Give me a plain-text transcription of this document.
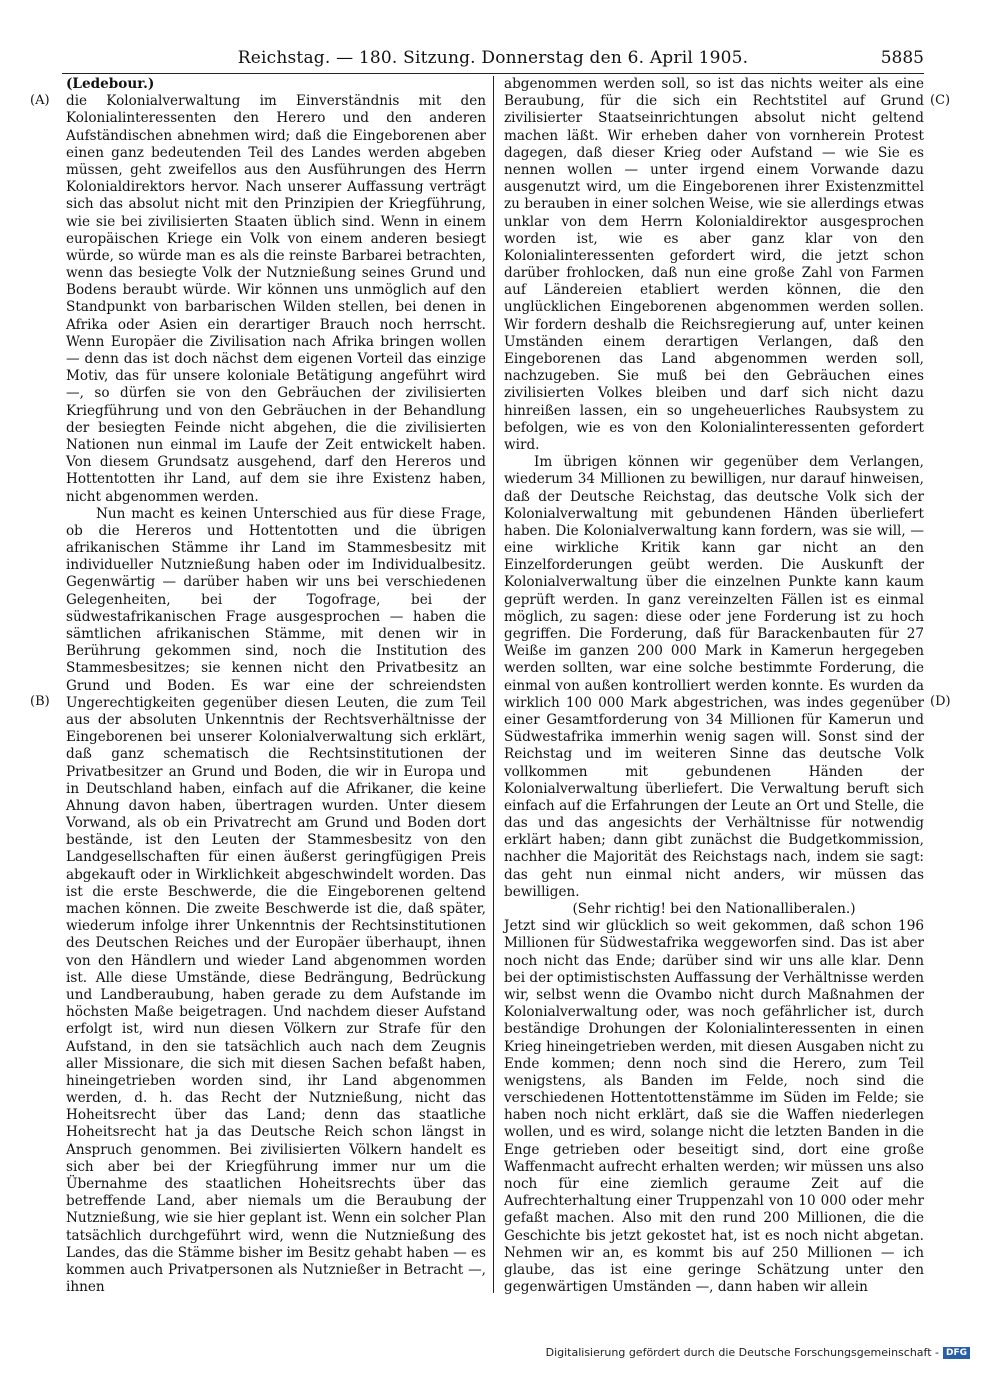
Reichstag. — 180. Sitzung. Donnerstag den 6. April 1905.	5885
(A)
(B)
(C)
(D)

(Ledebour.)

die Kolonialverwaltung im Einverständnis mit den Kolonialinteressenten den Herero und den anderen Aufständischen abnehmen wird; daß die Eingeborenen aber einen ganz bedeutenden Teil des Landes werden abgeben müssen, geht zweifellos aus den Ausführungen des Herrn Kolonialdirektors hervor. Nach unserer Auffassung verträgt sich das absolut nicht mit den Prinzipien der Kriegführung, wie sie bei zivilisierten Staaten üblich sind. Wenn in einem europäischen Kriege ein Volk von einem anderen besiegt würde, so würde man es als die reinste Barbarei betrachten, wenn das besiegte Volk der Nutznießung seines Grund und Bodens beraubt würde. Wir können uns unmöglich auf den Standpunkt von barbarischen Wilden stellen, bei denen in Afrika oder Asien ein derartiger Brauch noch herrscht. Wenn Europäer die Zivilisation nach Afrika bringen wollen — denn das ist doch nächst dem eigenen Vorteil das einzige Motiv, das für unsere koloniale Betätigung angeführt wird —, so dürfen sie von den Gebräuchen der zivilisierten Kriegführung und von den Gebräuchen in der Behandlung der besiegten Feinde nicht abgehen, die die zivilisierten Nationen nun einmal im Laufe der Zeit entwickelt haben. Von diesem Grundsatz ausgehend, darf den Hereros und Hottentotten ihr Land, auf dem sie ihre Existenz haben, nicht abgenommen werden.

Nun macht es keinen Unterschied aus für diese Frage, ob die Hereros und Hottentotten und die übrigen afrikanischen Stämme ihr Land im Stammesbesitz mit individueller Nutznießung haben oder im Individualbesitz. Gegenwärtig — darüber haben wir uns bei verschiedenen Gelegenheiten, bei der Togofrage, bei der südwestafrikanischen Frage ausgesprochen — haben die sämtlichen afrikanischen Stämme, mit denen wir in Berührung gekommen sind, noch die Institution des Stammesbesitzes; sie kennen nicht den Privatbesitz an Grund und Boden. Es war eine der schreiendsten Ungerechtigkeiten gegenüber diesen Leuten, die zum Teil aus der absoluten Unkenntnis der Rechtsverhältnisse der Eingeborenen bei unserer Kolonialverwaltung sich erklärt, daß ganz schematisch die Rechtsinstitutionen der Privatbesitzer an Grund und Boden, die wir in Europa und in Deutschland haben, einfach auf die Afrikaner, die keine Ahnung davon haben, übertragen wurden. Unter diesem Vorwand, als ob ein Privatrecht am Grund und Boden dort bestände, ist den Leuten der Stammesbesitz von den Landgesellschaften für einen äußerst geringfügigen Preis abgekauft oder in Wirklichkeit abgeschwindelt worden. Das ist die erste Beschwerde, die die Eingeborenen geltend machen können. Die zweite Beschwerde ist die, daß später, wiederum infolge ihrer Unkenntnis der Rechtsinstitutionen des Deutschen Reiches und der Europäer überhaupt, ihnen von den Händlern und wieder Land abgenommen worden ist. Alle diese Umstände, diese Bedrängung, Bedrückung und Landberaubung, haben gerade zu dem Aufstande im höchsten Maße beigetragen. Und nachdem dieser Aufstand erfolgt ist, wird nun diesen Völkern zur Strafe für den Aufstand, in den sie tatsächlich auch nach dem Zeugnis aller Missionare, die sich mit diesen Sachen befaßt haben, hineingetrieben worden sind, ihr Land abgenommen werden, d. h. das Recht der Nutznießung, nicht das Hoheitsrecht über das Land; denn das staatliche Hoheitsrecht hat ja das Deutsche Reich schon längst in Anspruch genommen. Bei zivilisierten Völkern handelt es sich aber bei der Kriegführung immer nur um die Übernahme des staatlichen Hoheitsrechts über das betreffende Land, aber niemals um die Beraubung der Nutznießung, wie sie hier geplant ist. Wenn ein solcher Plan tatsächlich durchgeführt wird, wenn die Nutznießung des Landes, das die Stämme bisher im Besitz gehabt haben — es kommen auch Privatpersonen als Nutznießer in Betracht —, ihnen

abgenommen werden soll, so ist das nichts weiter als eine Beraubung, für die sich ein Rechtstitel auf Grund zivilisierter Staatseinrichtungen absolut nicht geltend machen läßt. Wir erheben daher von vornherein Protest dagegen, daß dieser Krieg oder Aufstand — wie Sie es nennen wollen — unter irgend einem Vorwande dazu ausgenutzt wird, um die Eingeborenen ihrer Existenzmittel zu berauben in einer solchen Weise, wie sie allerdings etwas unklar von dem Herrn Kolonialdirektor ausgesprochen worden ist, wie es aber ganz klar von den Kolonialinteressenten gefordert wird, die jetzt schon darüber frohlocken, daß nun eine große Zahl von Farmen auf Ländereien etabliert werden können, die den unglücklichen Eingeborenen abgenommen werden sollen. Wir fordern deshalb die Reichsregierung auf, unter keinen Umständen einem derartigen Verlangen, daß den Eingeborenen das Land abgenommen werden soll, nachzugeben. Sie muß bei den Gebräuchen eines zivilisierten Volkes bleiben und darf sich nicht dazu hinreißen lassen, ein so ungeheuerliches Raubsystem zu befolgen, wie es von den Kolonialinteressenten gefordert wird.

Im übrigen können wir gegenüber dem Verlangen, wiederum 34 Millionen zu bewilligen, nur darauf hinweisen, daß der Deutsche Reichstag, das deutsche Volk sich der Kolonialverwaltung mit gebundenen Händen überliefert haben. Die Kolonialverwaltung kann fordern, was sie will, — eine wirkliche Kritik kann gar nicht an den Einzelforderungen geübt werden. Die Auskunft der Kolonialverwaltung über die einzelnen Punkte kann kaum geprüft werden. In ganz vereinzelten Fällen ist es einmal möglich, zu sagen: diese oder jene Forderung ist zu hoch gegriffen. Die Forderung, daß für Barackenbauten für 27 Weiße im ganzen 200 000 Mark in Kamerun hergegeben werden sollten, war eine solche bestimmte Forderung, die einmal von außen kontrolliert werden konnte. Es wurden da wirklich 100 000 Mark abgestrichen, was indes gegenüber einer Gesamtforderung von 34 Millionen für Kamerun und Südwestafrika immerhin wenig sagen will. Sonst sind der Reichstag und im weiteren Sinne das deutsche Volk vollkommen mit gebundenen Händen der Kolonialverwaltung überliefert. Die Verwaltung beruft sich einfach auf die Erfahrungen der Leute an Ort und Stelle, die das und das angesichts der Verhältnisse für notwendig erklärt haben; dann gibt zunächst die Budgetkommission, nachher die Majorität des Reichstags nach, indem sie sagt: das geht nun einmal nicht anders, wir müssen das bewilligen.

(Sehr richtig! bei den Nationalliberalen.)

Jetzt sind wir glücklich so weit gekommen, daß schon 196 Millionen für Südwestafrika weggeworfen sind. Das ist aber noch nicht das Ende; darüber sind wir uns alle klar. Denn bei der optimistischsten Auffassung der Verhältnisse werden wir, selbst wenn die Ovambo nicht durch Maßnahmen der Kolonialverwaltung oder, was noch gefährlicher ist, durch beständige Drohungen der Kolonialinteressenten in einen Krieg hineingetrieben werden, mit diesen Ausgaben nicht zu Ende kommen; denn noch sind die Herero, zum Teil wenigstens, als Banden im Felde, noch sind die verschiedenen Hottentottenstämme im Süden im Felde; sie haben noch nicht erklärt, daß sie die Waffen niederlegen wollen, und es wird, solange nicht die letzten Banden in die Enge getrieben oder beseitigt sind, dort eine große Waffenmacht aufrecht erhalten werden; wir müssen uns also noch für eine ziemlich geraume Zeit auf die Aufrechterhaltung einer Truppenzahl von 10 000 oder mehr gefaßt machen. Also mit den rund 200 Millionen, die die Geschichte bis jetzt gekostet hat, ist es noch nicht abgetan. Nehmen wir an, es kommt bis auf 250 Millionen — ich glaube, das ist eine geringe Schätzung unter den gegenwärtigen Umständen —, dann haben wir allein

Digitalisierung gefördert durch die Deutsche Forschungsgemeinschaft - DFG
